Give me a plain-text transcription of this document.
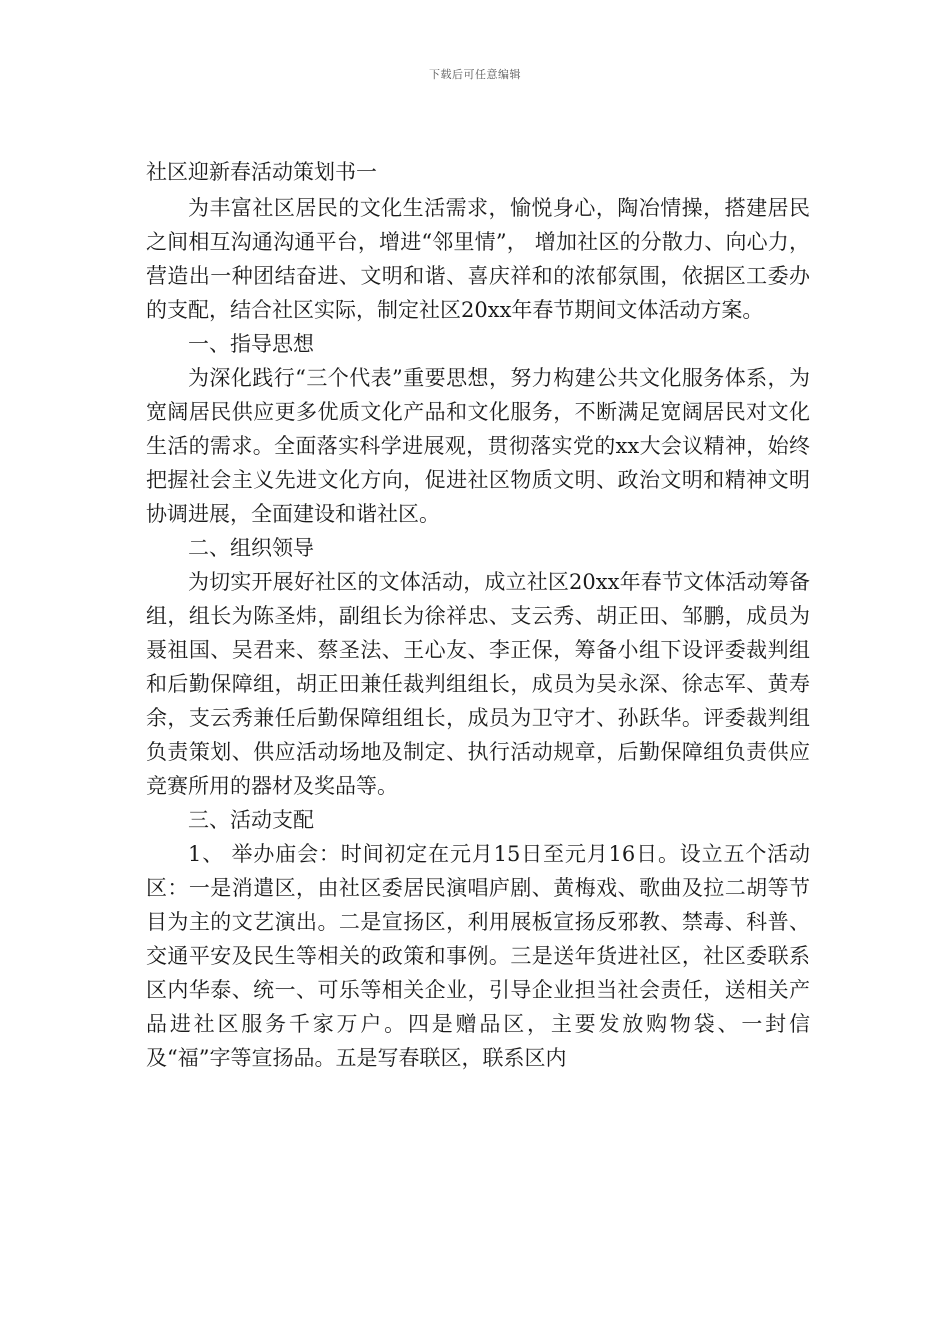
下载后可任意编辑
社区迎新春活动策划书一

为丰富社区居民的文化生活需求，愉悦身心，陶冶情操，搭建居民之间相互沟通沟通平台，增进“邻里情”， 增加社区的分散力、向心力，营造出一种团结奋进、文明和谐、喜庆祥和的浓郁氛围，依据区工委办的支配，结合社区实际，制定社区20xx年春节期间文体活动方案。

一、指导思想

为深化践行“三个代表”重要思想，努力构建公共文化服务体系，为宽阔居民供应更多优质文化产品和文化服务，不断满足宽阔居民对文化生活的需求。全面落实科学进展观，贯彻落实党的xx大会议精神，始终把握社会主义先进文化方向，促进社区物质文明、政治文明和精神文明协调进展，全面建设和谐社区。

二、组织领导

为切实开展好社区的文体活动，成立社区20xx年春节文体活动筹备组，组长为陈圣炜，副组长为徐祥忠、支云秀、胡正田、邹鹏，成员为聂祖国、吴君来、蔡圣法、王心友、李正保，筹备小组下设评委裁判组和后勤保障组，胡正田兼任裁判组组长，成员为吴永深、徐志军、黄寿余，支云秀兼任后勤保障组组长，成员为卫守才、孙跃华。评委裁判组负责策划、供应活动场地及制定、执行活动规章，后勤保障组负责供应竞赛所用的器材及奖品等。

三、活动支配

1、 举办庙会：时间初定在元月15日至元月16日。设立五个活动区：一是消遣区，由社区委居民演唱庐剧、黄梅戏、歌曲及拉二胡等节目为主的文艺演出。二是宣扬区，利用展板宣扬反邪教、禁毒、科普、交通平安及民生等相关的政策和事例。三是送年货进社区，社区委联系区内华泰、统一、可乐等相关企业，引导企业担当社会责任，送相关产品进社区服务千家万户。四是赠品区，主要发放购物袋、一封信及“福”字等宣扬品。五是写春联区，联系区内
